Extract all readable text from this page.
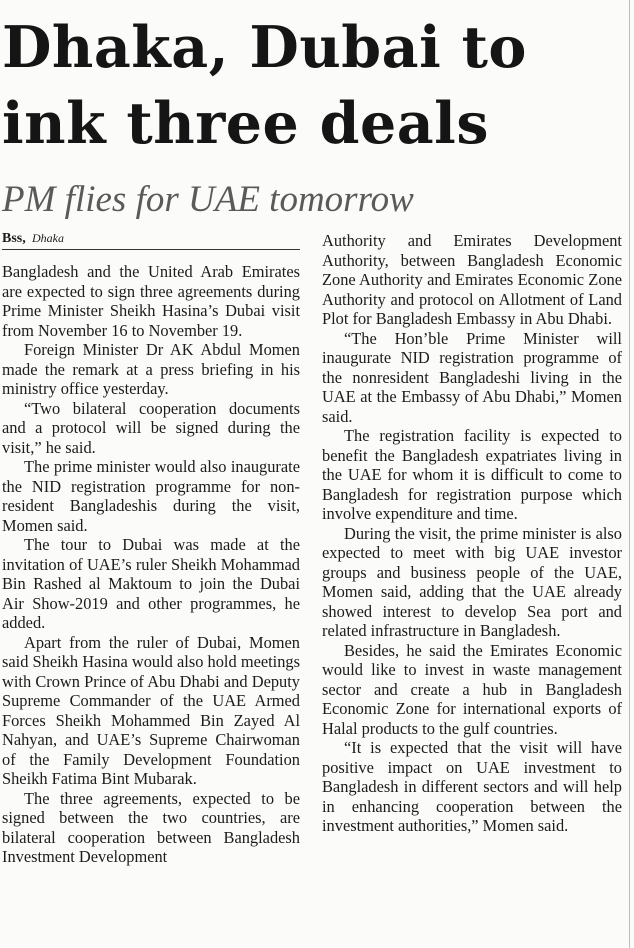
Dhaka, Dubai to
ink three deals
PM flies for UAE tomorrow
Bss, Dhaka

Bangladesh and the United Arab Emirates are expected to sign three agreements during Prime Minister Sheikh Hasina’s Dubai visit from November 16 to November 19.

Foreign Minister Dr AK Abdul Momen made the remark at a press briefing in his ministry office yesterday.

“Two bilateral cooperation documents and a protocol will be signed during the visit,” he said.

The prime minister would also inaugurate the NID registration programme for non-resident Bangladeshis during the visit, Momen said.

The tour to Dubai was made at the invitation of UAE’s ruler Sheikh Mohammad Bin Rashed al Maktoum to join the Dubai Air Show-2019 and other programmes, he added.

Apart from the ruler of Dubai, Momen said Sheikh Hasina would also hold meetings with Crown Prince of Abu Dhabi and Deputy Supreme Commander of the UAE Armed Forces Sheikh Mohammed Bin Zayed Al Nahyan, and UAE’s Supreme Chairwoman of the Family Development Foundation Sheikh Fatima Bint Mubarak.

The three agreements, expected to be signed between the two countries, are bilateral cooperation between Bangladesh Investment Development

Authority and Emirates Development Authority, between Bangladesh Economic Zone Authority and Emirates Economic Zone Authority and protocol on Allotment of Land Plot for Bangladesh Embassy in Abu Dhabi.

“The Hon’ble Prime Minister will inaugurate NID registration programme of the nonresident Bangladeshi living in the UAE at the Embassy of Abu Dhabi,” Momen said.

The registration facility is expected to benefit the Bangladesh expatriates living in the UAE for whom it is difficult to come to Bangladesh for registration purpose which involve expenditure and time.

During the visit, the prime minister is also expected to meet with big UAE investor groups and business people of the UAE, Momen said, adding that the UAE already showed interest to develop Sea port and related infrastructure in Bangladesh.

Besides, he said the Emirates Economic would like to invest in waste management sector and create a hub in Bangladesh Economic Zone for international exports of Halal products to the gulf countries.

“It is expected that the visit will have positive impact on UAE investment to Bangladesh in different sectors and will help in enhancing cooperation between the investment authorities,” Momen said.
